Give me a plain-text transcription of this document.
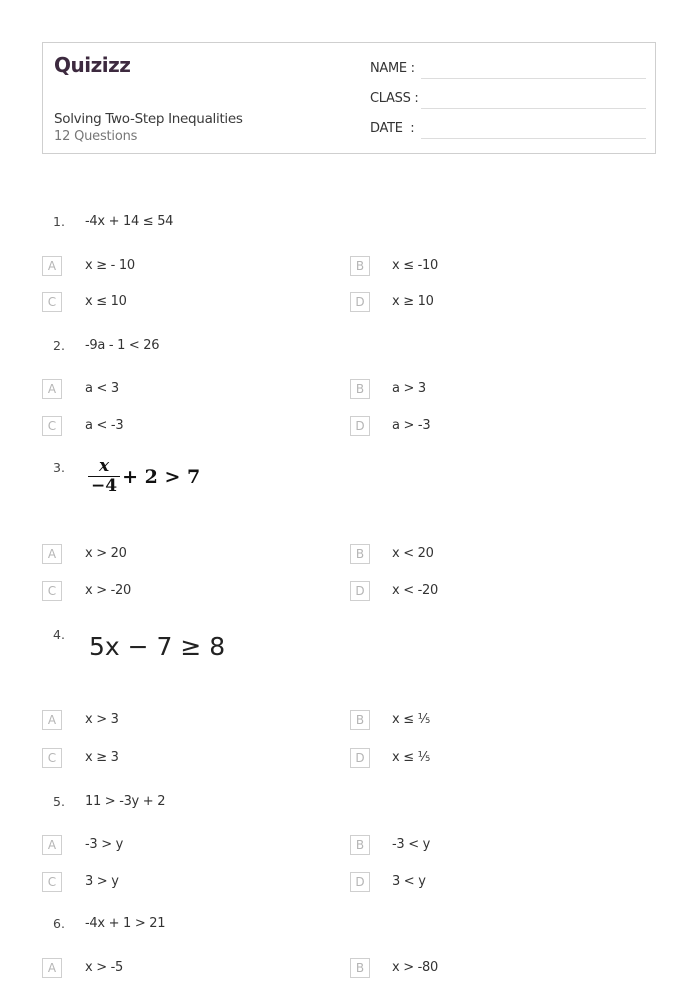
Quizizz
Solving Two-Step Inequalities
12 Questions
NAME :
CLASS :
DATE  :
1. -4x + 14 ≤ 54
A	x ≥ - 10	B	x ≤ -10
C	x ≤ 10	D	x ≥ 10
2. -9a - 1 < 26
A	a < 3	B	a > 3
C	a < -3	D	a > -3
3. $\frac{x}{-4} + 2 > 7$
A	x > 20	B	x < 20
C	x > -20	D	x < -20
4. 5x − 7 ≥ 8
A	x > 3	B	x ≤ ⅕
C	x ≥ 3	D	x ≤ ⅕
5. 11 > -3y + 2
A	-3 > y	B	-3 < y
C	3 > y	D	3 < y
6. -4x + 1 > 21
A	x > -5	B	x > -80
